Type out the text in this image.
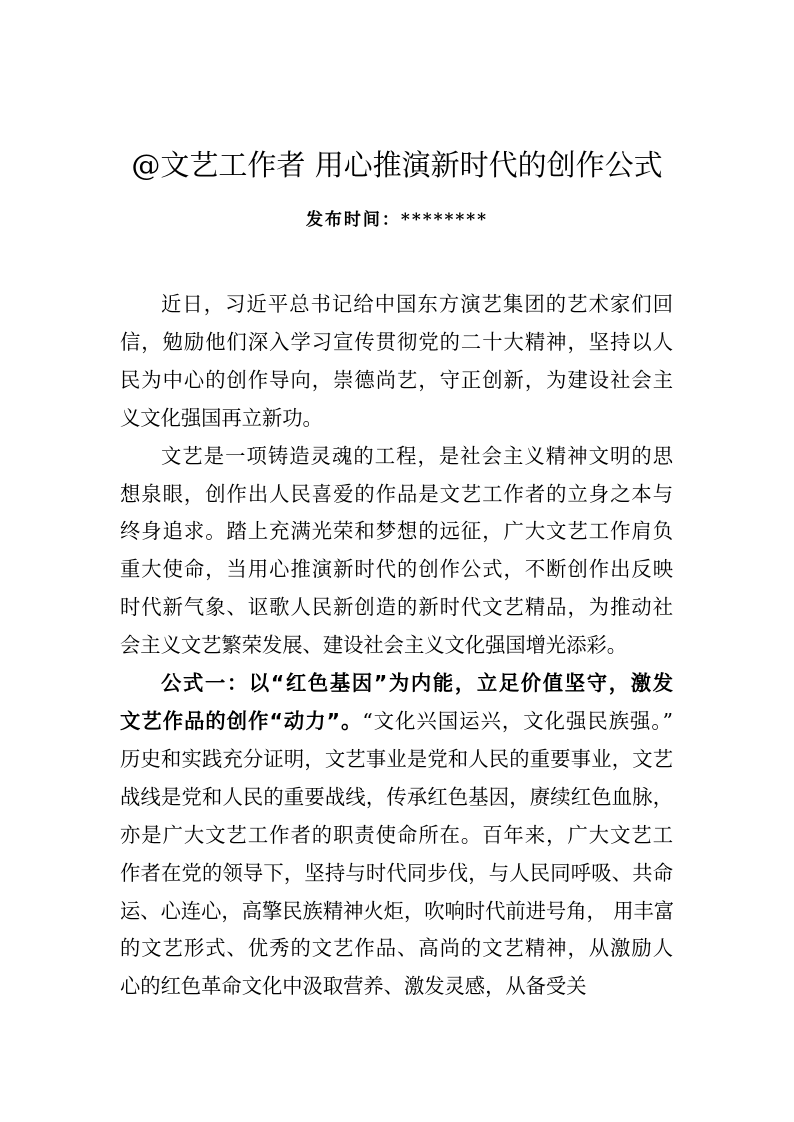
@文艺工作者 用心推演新时代的创作公式
发布时间：********
近日，习近平总书记给中国东方演艺集团的艺术家们回
信，勉励他们深入学习宣传贯彻党的二十大精神，坚持以人
民为中心的创作导向，崇德尚艺，守正创新，为建设社会主
义文化强国再立新功。
文艺是一项铸造灵魂的工程，是社会主义精神文明的思
想泉眼，创作出人民喜爱的作品是文艺工作者的立身之本与
终身追求。踏上充满光荣和梦想的远征，广大文艺工作肩负
重大使命，当用心推演新时代的创作公式，不断创作出反映
时代新气象、讴歌人民新创造的新时代文艺精品，为推动社
会主义文艺繁荣发展、建设社会主义文化强国增光添彩。
公式一：以“红色基因”为内能，立足价值坚守，激发
文艺作品的创作“动力”。“文化兴国运兴，文化强民族强。”
历史和实践充分证明，文艺事业是党和人民的重要事业，文艺
战线是党和人民的重要战线，传承红色基因，赓续红色血脉，
亦是广大文艺工作者的职责使命所在。百年来，广大文艺工
作者在党的领导下，坚持与时代同步伐，与人民同呼吸、共命
运、心连心，高擎民族精神火炬，吹响时代前进号角， 用丰富
的文艺形式、优秀的文艺作品、高尚的文艺精神，从激励人
心的红色革命文化中汲取营养、激发灵感，从备受关
